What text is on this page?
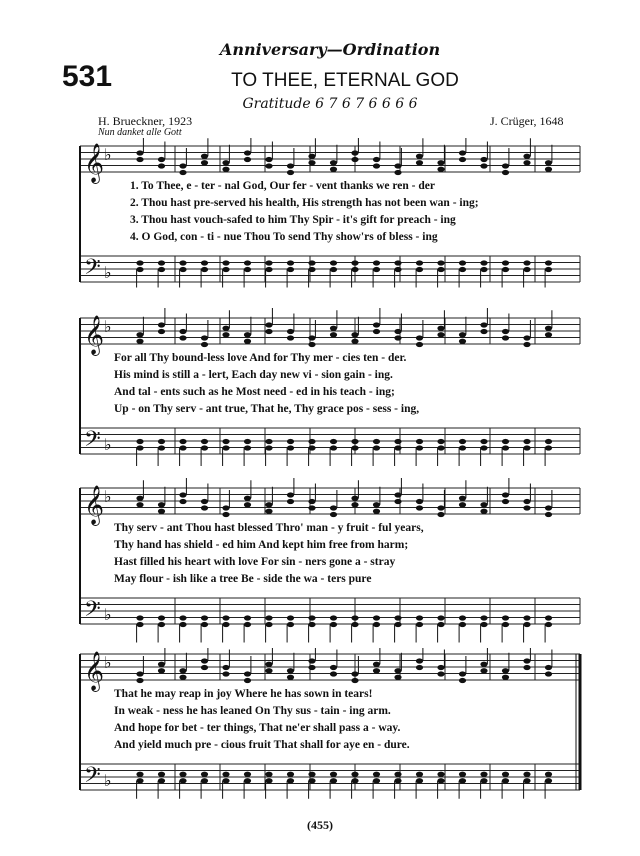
Anniversary—Ordination
531	TO THEE, ETERNAL GOD
Gratitude 6 7 6 7 6 6 6 6
H. Brueckner, 1923	J. Crüger, 1648
Nun danket alle Gott
𝄞 ♭
𝄢 ♭
1. To Thee, e - ter - nal God, Our fer - vent thanks we ren - der
2. Thou hast pre-served his health, His strength has not been wan - ing;
3. Thou hast vouch-safed to him Thy Spir - it's gift for preach - ing
4. O God, con - ti - nue Thou To send Thy show'rs of bless - ing
𝄞 ♭
𝄢 ♭
For all Thy bound-less love And for Thy mer - cies ten - der.
His mind is still a - lert, Each day new vi - sion gain - ing.
And tal - ents such as he Most need - ed in his teach - ing;
Up - on Thy serv - ant true, That he, Thy grace pos - sess - ing,
𝄞 ♭
𝄢 ♭
Thy serv - ant Thou hast blessed Thro' man - y fruit - ful years,
Thy hand has shield - ed him And kept him free from harm;
Hast filled his heart with love For sin - ners gone a - stray
May flour - ish like a tree Be - side the wa - ters pure
𝄞 ♭
𝄢 ♭
That he may reap in joy Where he has sown in tears!
In weak - ness he has leaned On Thy sus - tain - ing arm.
And hope for bet - ter things, That ne'er shall pass a - way.
And yield much pre - cious fruit That shall for aye en - dure.
(455)
